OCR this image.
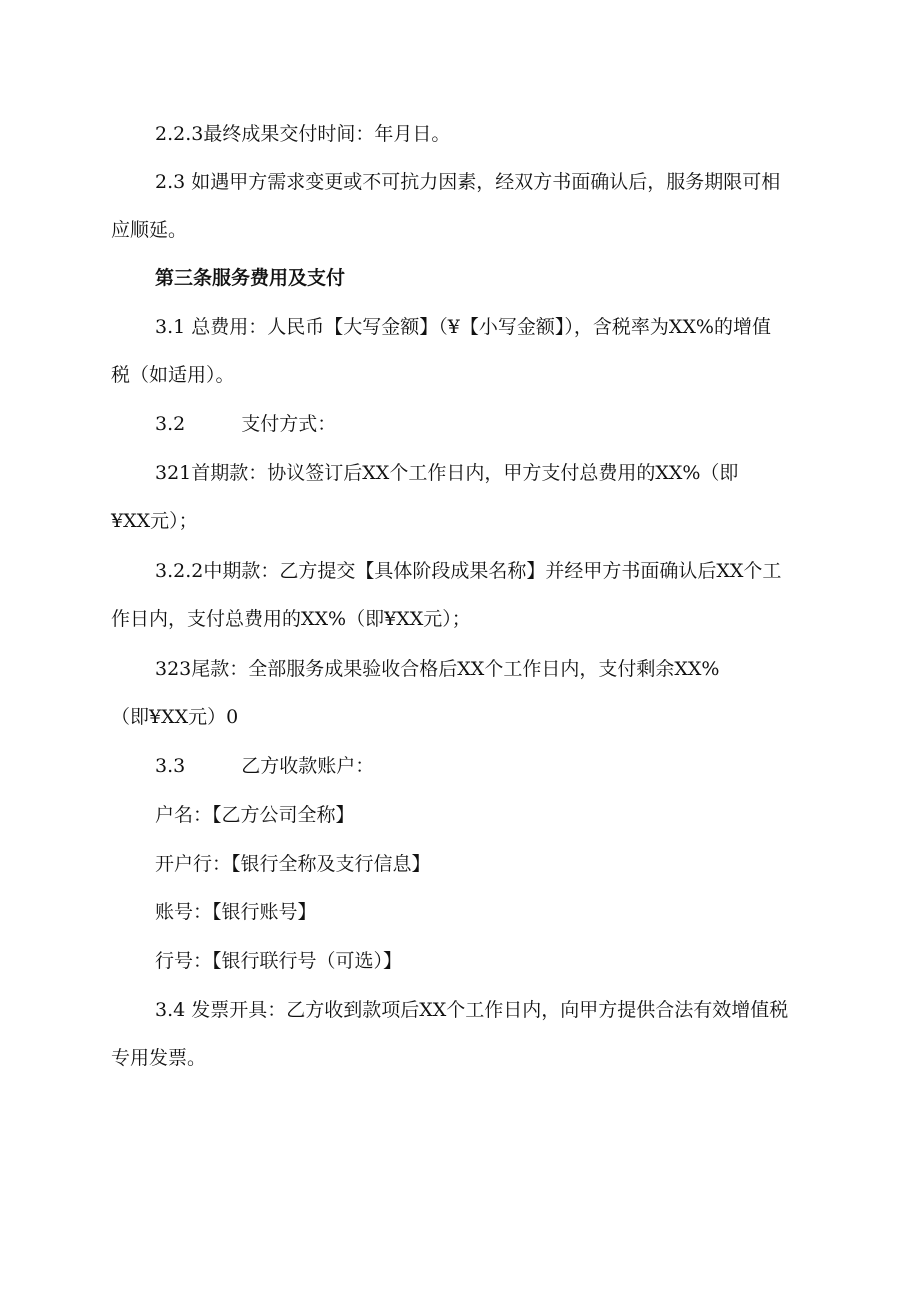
2.2.3最终成果交付时间：年月日。
2.3 如遇甲方需求变更或不可抗力因素，经双方书面确认后，服务期限可相
应顺延。
第三条服务费用及支付
3.1 总费用：人民币【大写金额】（¥【小写金额】），含税率为XX%的增值
税（如适用）。
3.2	支付方式：
321首期款：协议签订后XX个工作日内，甲方支付总费用的XX%（即
¥XX元）；
3.2.2中期款：乙方提交【具体阶段成果名称】并经甲方书面确认后XX个工
作日内，支付总费用的XX%（即¥XX元）；
323尾款：全部服务成果验收合格后XX个工作日内，支付剩余XX%
（即¥XX元）0
3.3	乙方收款账户：
户名：【乙方公司全称】
开户行：【银行全称及支行信息】
账号：【银行账号】
行号：【银行联行号（可选）】
3.4 发票开具：乙方收到款项后XX个工作日内，向甲方提供合法有效增值税
专用发票。
